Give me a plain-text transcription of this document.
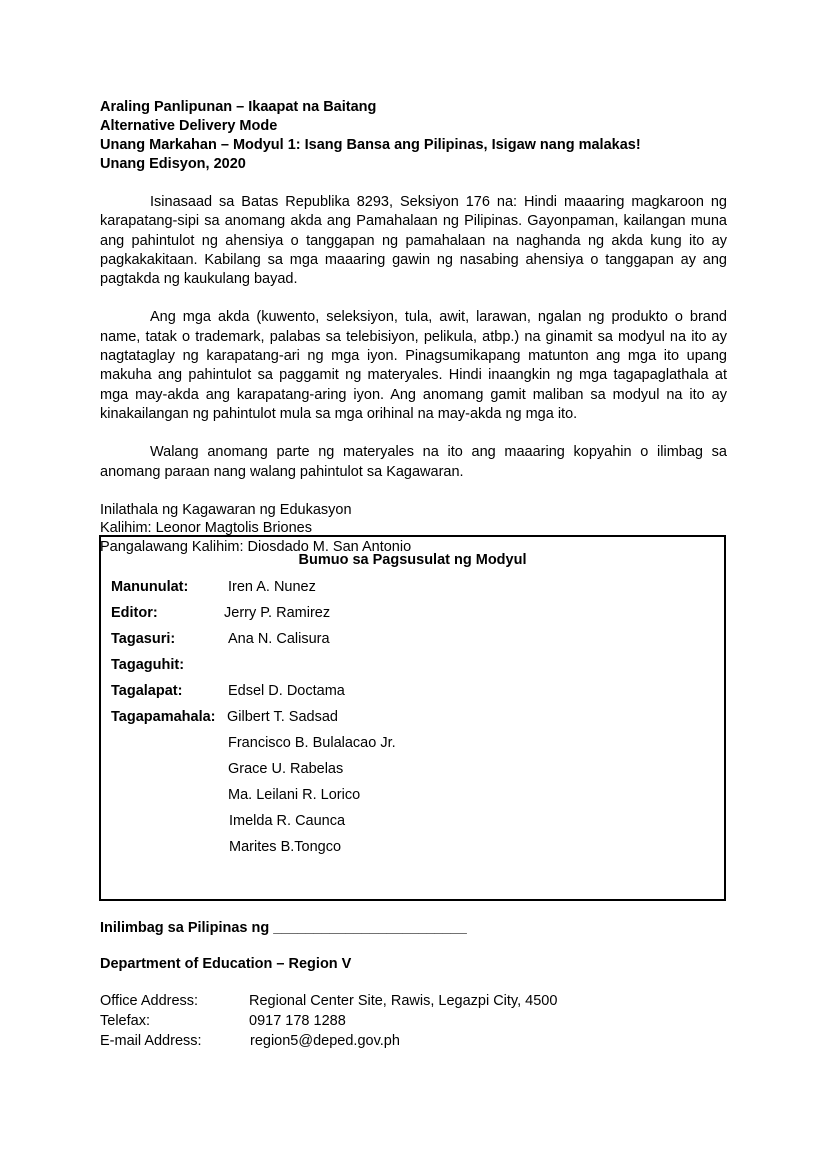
Araling Panlipunan – Ikaapat na Baitang
Alternative Delivery Mode
Unang Markahan – Modyul 1: Isang Bansa ang Pilipinas, Isigaw nang malakas!
Unang Edisyon, 2020

Isinasaad sa Batas Republika 8293, Seksiyon 176 na: Hindi maaaring magkaroon ng karapatang-sipi sa anomang akda ang Pamahalaan ng Pilipinas. Gayonpaman, kailangan muna ang pahintulot ng ahensiya o tanggapan ng pamahalaan na naghanda ng akda kung ito ay pagkakakitaan. Kabilang sa mga maaaring gawin ng nasabing ahensiya o tanggapan ay ang pagtakda ng kaukulang bayad.

Ang mga akda (kuwento, seleksiyon, tula, awit, larawan, ngalan ng produkto o brand name, tatak o trademark, palabas sa telebisiyon, pelikula, atbp.) na ginamit sa modyul na ito ay nagtataglay ng karapatang-ari ng mga iyon. Pinagsumikapang matunton ang mga ito upang makuha ang pahintulot sa paggamit ng materyales. Hindi inaangkin ng mga tagapaglathala at mga may-akda ang karapatang-aring iyon. Ang anomang gamit maliban sa modyul na ito ay kinakailangan ng pahintulot mula sa mga orihinal na may-akda ng mga ito.

Walang anomang parte ng materyales na ito ang maaaring kopyahin o ilimbag sa anomang paraan nang walang pahintulot sa Kagawaran.

Inilathala ng Kagawaran ng Edukasyon
Kalihim: Leonor Magtolis Briones
Pangalawang Kalihim: Diosdado M. San Antonio
Bumuo sa Pagsusulat ng Modyul
Manunulat:	Iren A. Nunez
Editor:	Jerry P. Ramirez
Tagasuri:	Ana N. Calisura
Tagaguhit:
Tagalapat:	Edsel D. Doctama
Tagapamahala: Gilbert T. Sadsad
Francisco B. Bulalacao Jr.
Grace U. Rabelas
Ma. Leilani R. Lorico
Imelda R. Caunca
Marites B.Tongco
Inilimbag sa Pilipinas ng ________________________
Department of Education – Region V
Office Address:	Regional Center Site, Rawis, Legazpi City, 4500
Telefax:	0917 178 1288
E-mail Address:	region5@deped.gov.ph
